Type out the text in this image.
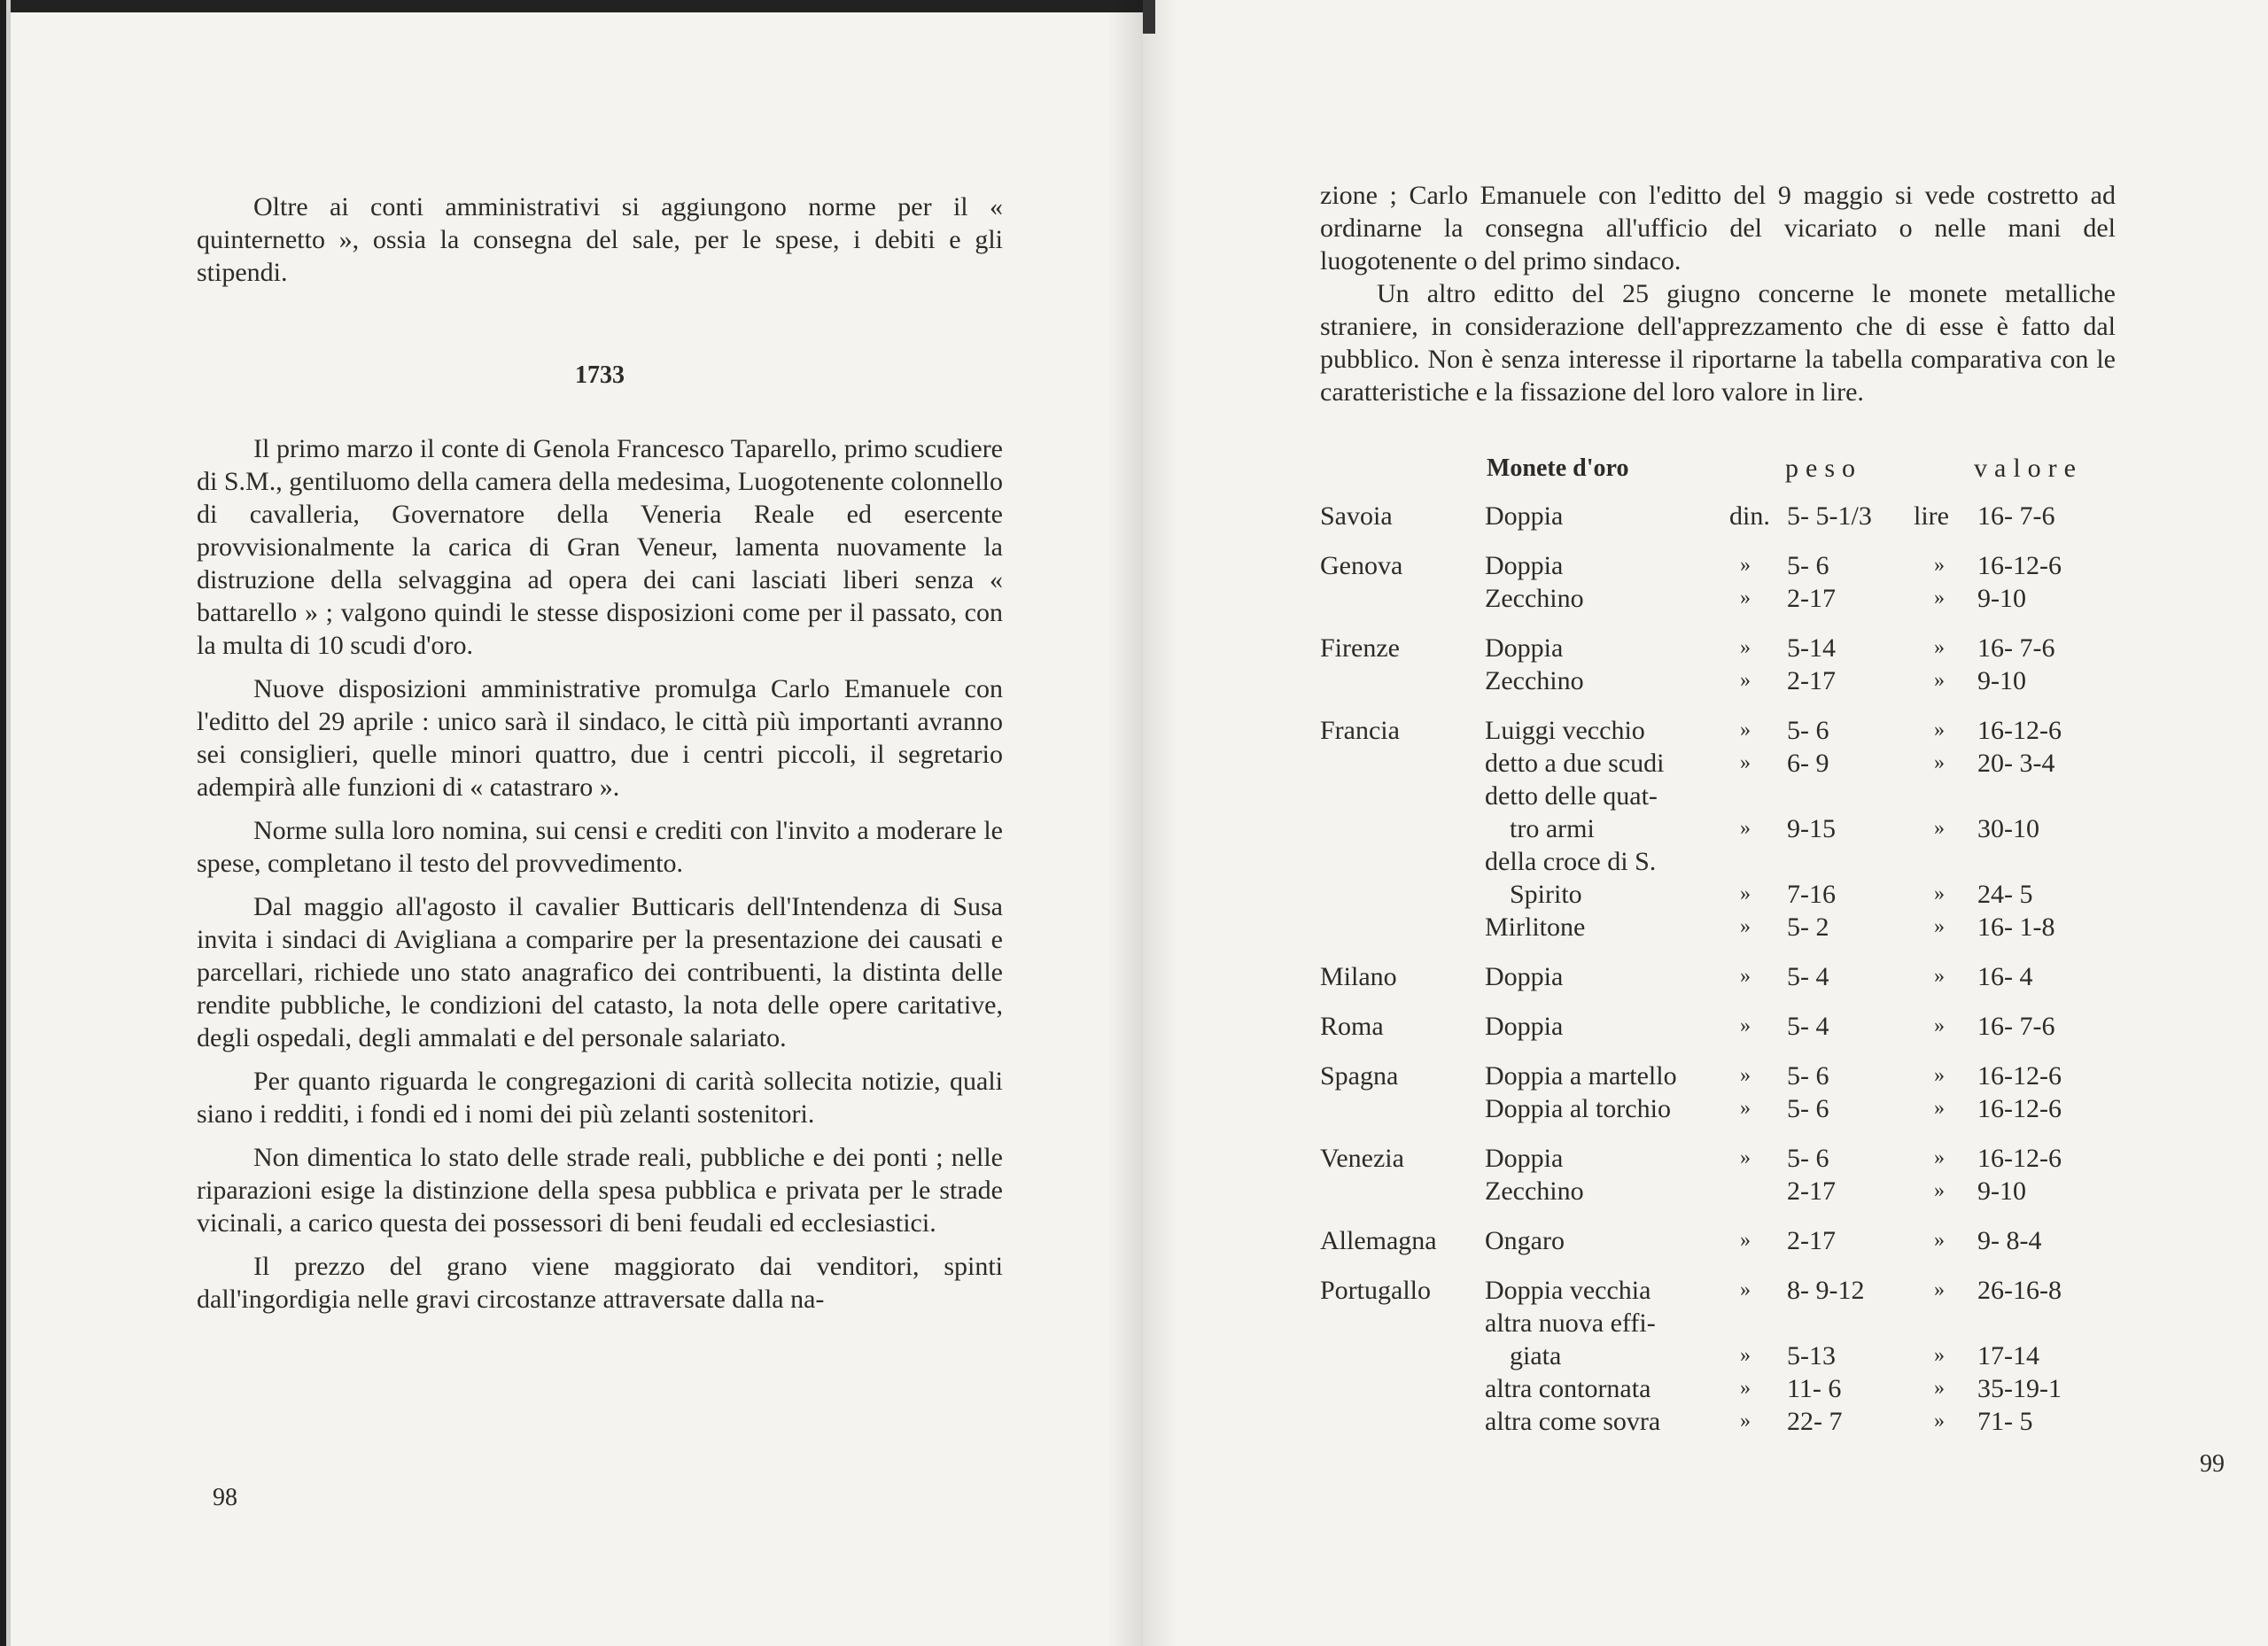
Oltre ai conti amministrativi si aggiungono norme per il « quinternetto », ossia la consegna del sale, per le spese, i debiti e gli stipendi.

1733

Il primo marzo il conte di Genola Francesco Taparello, primo scudiere di S.M., gentiluomo della camera della medesima, Luogotenente colonnello di cavalleria, Governatore della Veneria Reale ed esercente provvisionalmente la carica di Gran Veneur, lamenta nuovamente la distruzione della selvaggina ad opera dei cani lasciati liberi senza « battarello » ; valgono quindi le stesse disposizioni come per il passato, con la multa di 10 scudi d'oro.

Nuove disposizioni amministrative promulga Carlo Emanuele con l'editto del 29 aprile : unico sarà il sindaco, le città più importanti avranno sei consiglieri, quelle minori quattro, due i centri piccoli, il segretario adempirà alle funzioni di « catastraro ».

Norme sulla loro nomina, sui censi e crediti con l'invito a moderare le spese, completano il testo del provvedimento.

Dal maggio all'agosto il cavalier Butticaris dell'Intendenza di Susa invita i sindaci di Avigliana a comparire per la presentazione dei causati e parcellari, richiede uno stato anagrafico dei contribuenti, la distinta delle rendite pubbliche, le condizioni del catasto, la nota delle opere caritative, degli ospedali, degli ammalati e del personale salariato.

Per quanto riguarda le congregazioni di carità sollecita notizie, quali siano i redditi, i fondi ed i nomi dei più zelanti sostenitori.

Non dimentica lo stato delle strade reali, pubbliche e dei ponti ; nelle riparazioni esige la distinzione della spesa pubblica e privata per le strade vicinali, a carico questa dei possessori di beni feudali ed ecclesiastici.

Il prezzo del grano viene maggiorato dai venditori, spinti dall'ingordigia nelle gravi circostanze attraversate dalla na-

98

zione ; Carlo Emanuele con l'editto del 9 maggio si vede costretto ad ordinarne la consegna all'ufficio del vicariato o nelle mani del luogotenente o del primo sindaco.

Un altro editto del 25 giugno concerne le monete metalliche straniere, in considerazione dell'apprezzamento che di esse è fatto dal pubblico. Non è senza interesse il riportarne la tabella comparativa con le caratteristiche e la fissazione del loro valore in lire.

Monete d'oro	peso	valore
Savoia	Doppia	din. 5- 5-1/3 lire 16- 7-6
Genova	Doppia	» 5- 6	» 16-12-6
Zecchino	» 2-17	» 9-10
Firenze	Doppia	» 5-14	» 16- 7-6
Zecchino	» 2-17	» 9-10
Francia	Luiggi vecchio	» 5- 6	» 16-12-6
detto a due scudi	» 6- 9	» 20- 3-4
detto delle quat-
tro armi	» 9-15	» 30-10
della croce di S.
Spirito	» 7-16	» 24- 5
Mirlitone	» 5- 2	» 16- 1-8
Milano	Doppia	» 5- 4	» 16- 4
Roma	Doppia	» 5- 4	» 16- 7-6
Spagna	Doppia a martello	» 5- 6	» 16-12-6
Doppia al torchio	» 5- 6	» 16-12-6
Venezia	Doppia	» 5- 6	» 16-12-6
Zecchino	2-17	» 9-10
Allemagna Ongaro	» 2-17	» 9- 8-4
Portugallo Doppia vecchia	» 8- 9-12	» 26-16-8
altra nuova effi-
giata	» 5-13	» 17-14
altra contornata	» 11- 6	» 35-19-1
altra come sovra	» 22- 7	» 71- 5
99
